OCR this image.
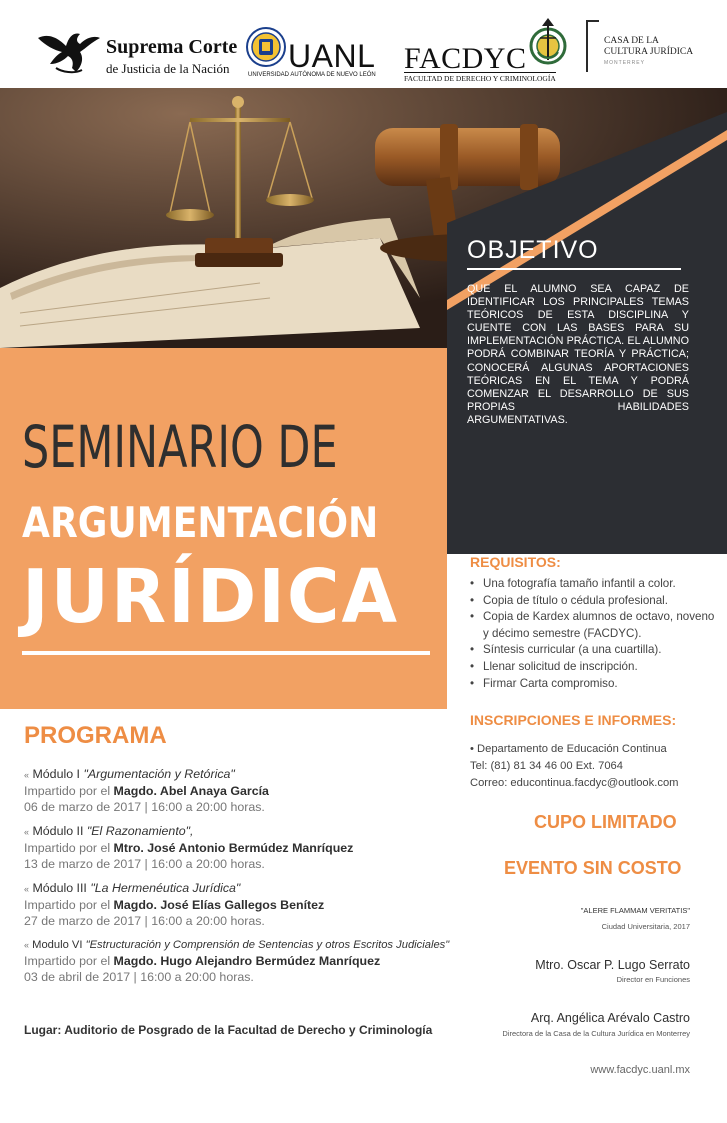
Suprema Corte
de Justicia de la Nación UANL
UNIVERSIDAD AUTÓNOMA DE NUEVO LEÓN FACDYC
FACULTAD DE DERECHO Y CRIMINOLOGÍA
CASA DE LA
CULTURA JURÍDICA
MONTERREY
OBJETIVO
QUE EL ALUMNO SEA CAPAZ DE IDENTIFICAR LOS PRINCIPALES TEMAS TEÓRICOS DE ESTA DISCIPLINA Y CUENTE CON LAS BASES PARA SU IMPLEMENTACIÓN PRÁCTICA. EL ALUMNO PODRÁ COMBINAR TEORÍA Y PRÁCTICA; CONOCERÁ ALGUNAS APORTACIONES TEÓRICAS EN EL TEMA Y PODRÁ COMENZAR EL DESARROLLO DE SUS PROPIAS HABILIDADES ARGUMENTATIVAS.
SEMINARIO DE
ARGUMENTACIÓN
JURÍDICA	REQUISITOS:
• Una fotografía tamaño infantil a color.
• Copia de título o cédula profesional.
• Copia de Kardex alumnos de octavo, noveno y décimo semestre (FACDYC).
• Síntesis curricular (a una cuartilla).
• Llenar solicitud de inscripción.
• Firmar Carta compromiso.
INSCRIPCIONES E INFORMES:
• Departamento de Educación Continua
Tel: (81) 81 34 46 00 Ext. 7064
Correo: educontinua.facdyc@outlook.com
CUPO LIMITADO
EVENTO SIN COSTO
"ALERE FLAMMAM VERITATIS"
Ciudad Universitaria, 2017
Mtro. Oscar P. Lugo Serrato
Director en Funciones
Arq. Angélica Arévalo Castro
Directora de la Casa de la Cultura Jurídica en Monterrey
www.facdyc.uanl.mx
PROGRAMA
« Módulo I "Argumentación y Retórica"
Impartido por el Magdo. Abel Anaya García
06 de marzo de 2017 | 16:00 a 20:00 horas.
« Módulo II "El Razonamiento",
Impartido por el Mtro. José Antonio Bermúdez Manríquez
13 de marzo de 2017 | 16:00 a 20:00 horas.
« Módulo III "La Hermenéutica Jurídica"
Impartido por el Magdo. José Elías Gallegos Benítez
27 de marzo de 2017 | 16:00 a 20:00 horas.
« Modulo VI "Estructuración y Comprensión de Sentencias y otros Escritos Judiciales"
Impartido por el Magdo. Hugo Alejandro Bermúdez Manríquez
03 de abril de 2017 | 16:00 a 20:00 horas.
Lugar: Auditorio de Posgrado de la Facultad de Derecho y Criminología
